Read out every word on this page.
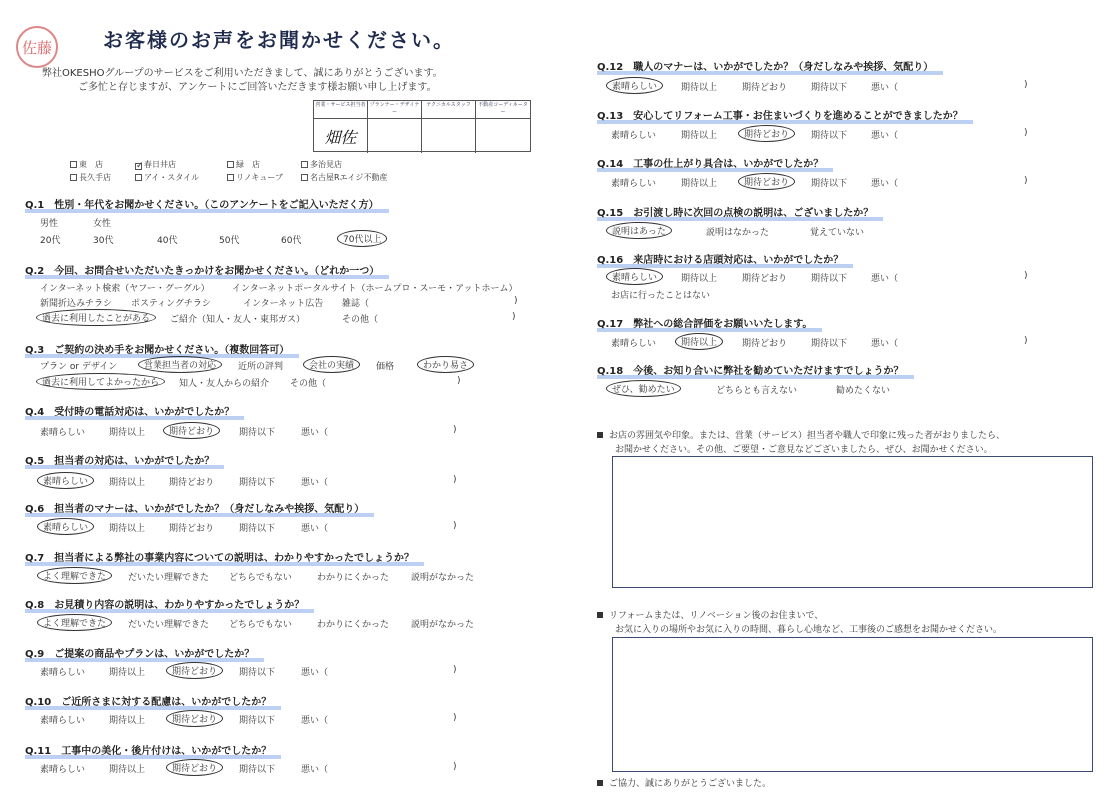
佐藤	お客様のお声をお聞かせください。
弊社OKESHOグループのサービスをご利用いただきまして、誠にありがとうございます。
ご多忙と存じますが、アンケートにご回答いただきます様お願い申し上げます。
営業・サービス担当者 プランナー・デザイナー
テクニカルスタッフ	不動産コーディネーター
畑佐
東　店	✓春日井店	緑　店	多治見店
長久手店	アイ・スタイル	リノキューブ	名古屋Rエイジ不動産
Q.1　性別・年代をお聞かせください。（このアンケートをご記入いただく方）
男性	女性
20代	30代	40代	50代	60代	70代以上
Q.2　今回、お問合せいただいたきっかけをお聞かせください。（どれか一つ）
インターネット検索（ヤフー・グーグル） インターネットポータルサイト（ホームプロ・スーモ・アットホーム）
新聞折込みチラシ ポスティングチラシ	インターネット広告 雑誌（	)
過去に利用したことがある	ご紹介（知人・友人・東邦ガス）	その他（	)
Q.3　ご契約の決め手をお聞かせください。（複数回答可）
プラン or デザイン	営業担当者の対応	近所の評判	会社の実績	価格	わかり易さ
過去に利用してよかったから	知人・友人からの紹介 その他（	)
Q.4　受付時の電話対応は、いかがでしたか？
素晴らしい	期待以上	期待どおり	期待以下	悪い（	)
Q.5　担当者の対応は、いかがでしたか？
素晴らしい	期待以上	期待どおり	期待以下	悪い（	)
Q.6　担当者のマナーは、いかがでしたか？（身だしなみや挨拶、気配り）
素晴らしい	期待以上	期待どおり	期待以下	悪い（	)
Q.7　担当者による弊社の事業内容についての説明は、わかりやすかったでしょうか？
よく理解できた	だいたい理解できた どちらでもない	わかりにくかった 説明がなかった
Q.8　お見積り内容の説明は、わかりやすかったでしょうか？
よく理解できた	だいたい理解できた どちらでもない	わかりにくかった 説明がなかった
Q.9　ご提案の商品やプランは、いかがでしたか？
素晴らしい	期待以上	期待どおり	期待以下	悪い（	)
Q.10　ご近所さまに対する配慮は、いかがでしたか？
素晴らしい	期待以上	期待どおり	期待以下	悪い（	)
Q.11　工事中の美化・後片付けは、いかがでしたか？
素晴らしい	期待以上	期待どおり	期待以下	悪い（	)
Q.12　職人のマナーは、いかがでしたか？（身だしなみや挨拶、気配り）
素晴らしい	期待以上	期待どおり	期待以下	悪い（	)
Q.13　安心してリフォーム工事・お住まいづくりを進めることができましたか？
素晴らしい	期待以上	期待どおり	期待以下	悪い（	)
Q.14　工事の仕上がり具合は、いかがでしたか？
素晴らしい	期待以上	期待どおり	期待以下	悪い（	)
Q.15　お引渡し時に次回の点検の説明は、ございましたか？
説明はあった	説明はなかった	覚えていない
Q.16　来店時における店頭対応は、いかがでしたか？
素晴らしい	期待以上	期待どおり	期待以下	悪い（	)
お店に行ったことはない
Q.17　弊社への総合評価をお願いいたします。
素晴らしい	期待以上	期待どおり	期待以下	悪い（	)
Q.18　今後、お知り合いに弊社を勧めていただけますでしょうか？
ぜひ、勧めたい	どちらとも言えない	勧めたくない
お店の雰囲気や印象。または、営業（サービス）担当者や職人で印象に残った者がおりましたら、
お聞かせください。その他、ご要望・ご意見などございましたら、ぜひ、お聞かせください。
リフォームまたは、リノベーション後のお住まいで、
お気に入りの場所やお気に入りの時間、暮らし心地など、工事後のご感想をお聞かせください。
ご協力、誠にありがとうございました。
